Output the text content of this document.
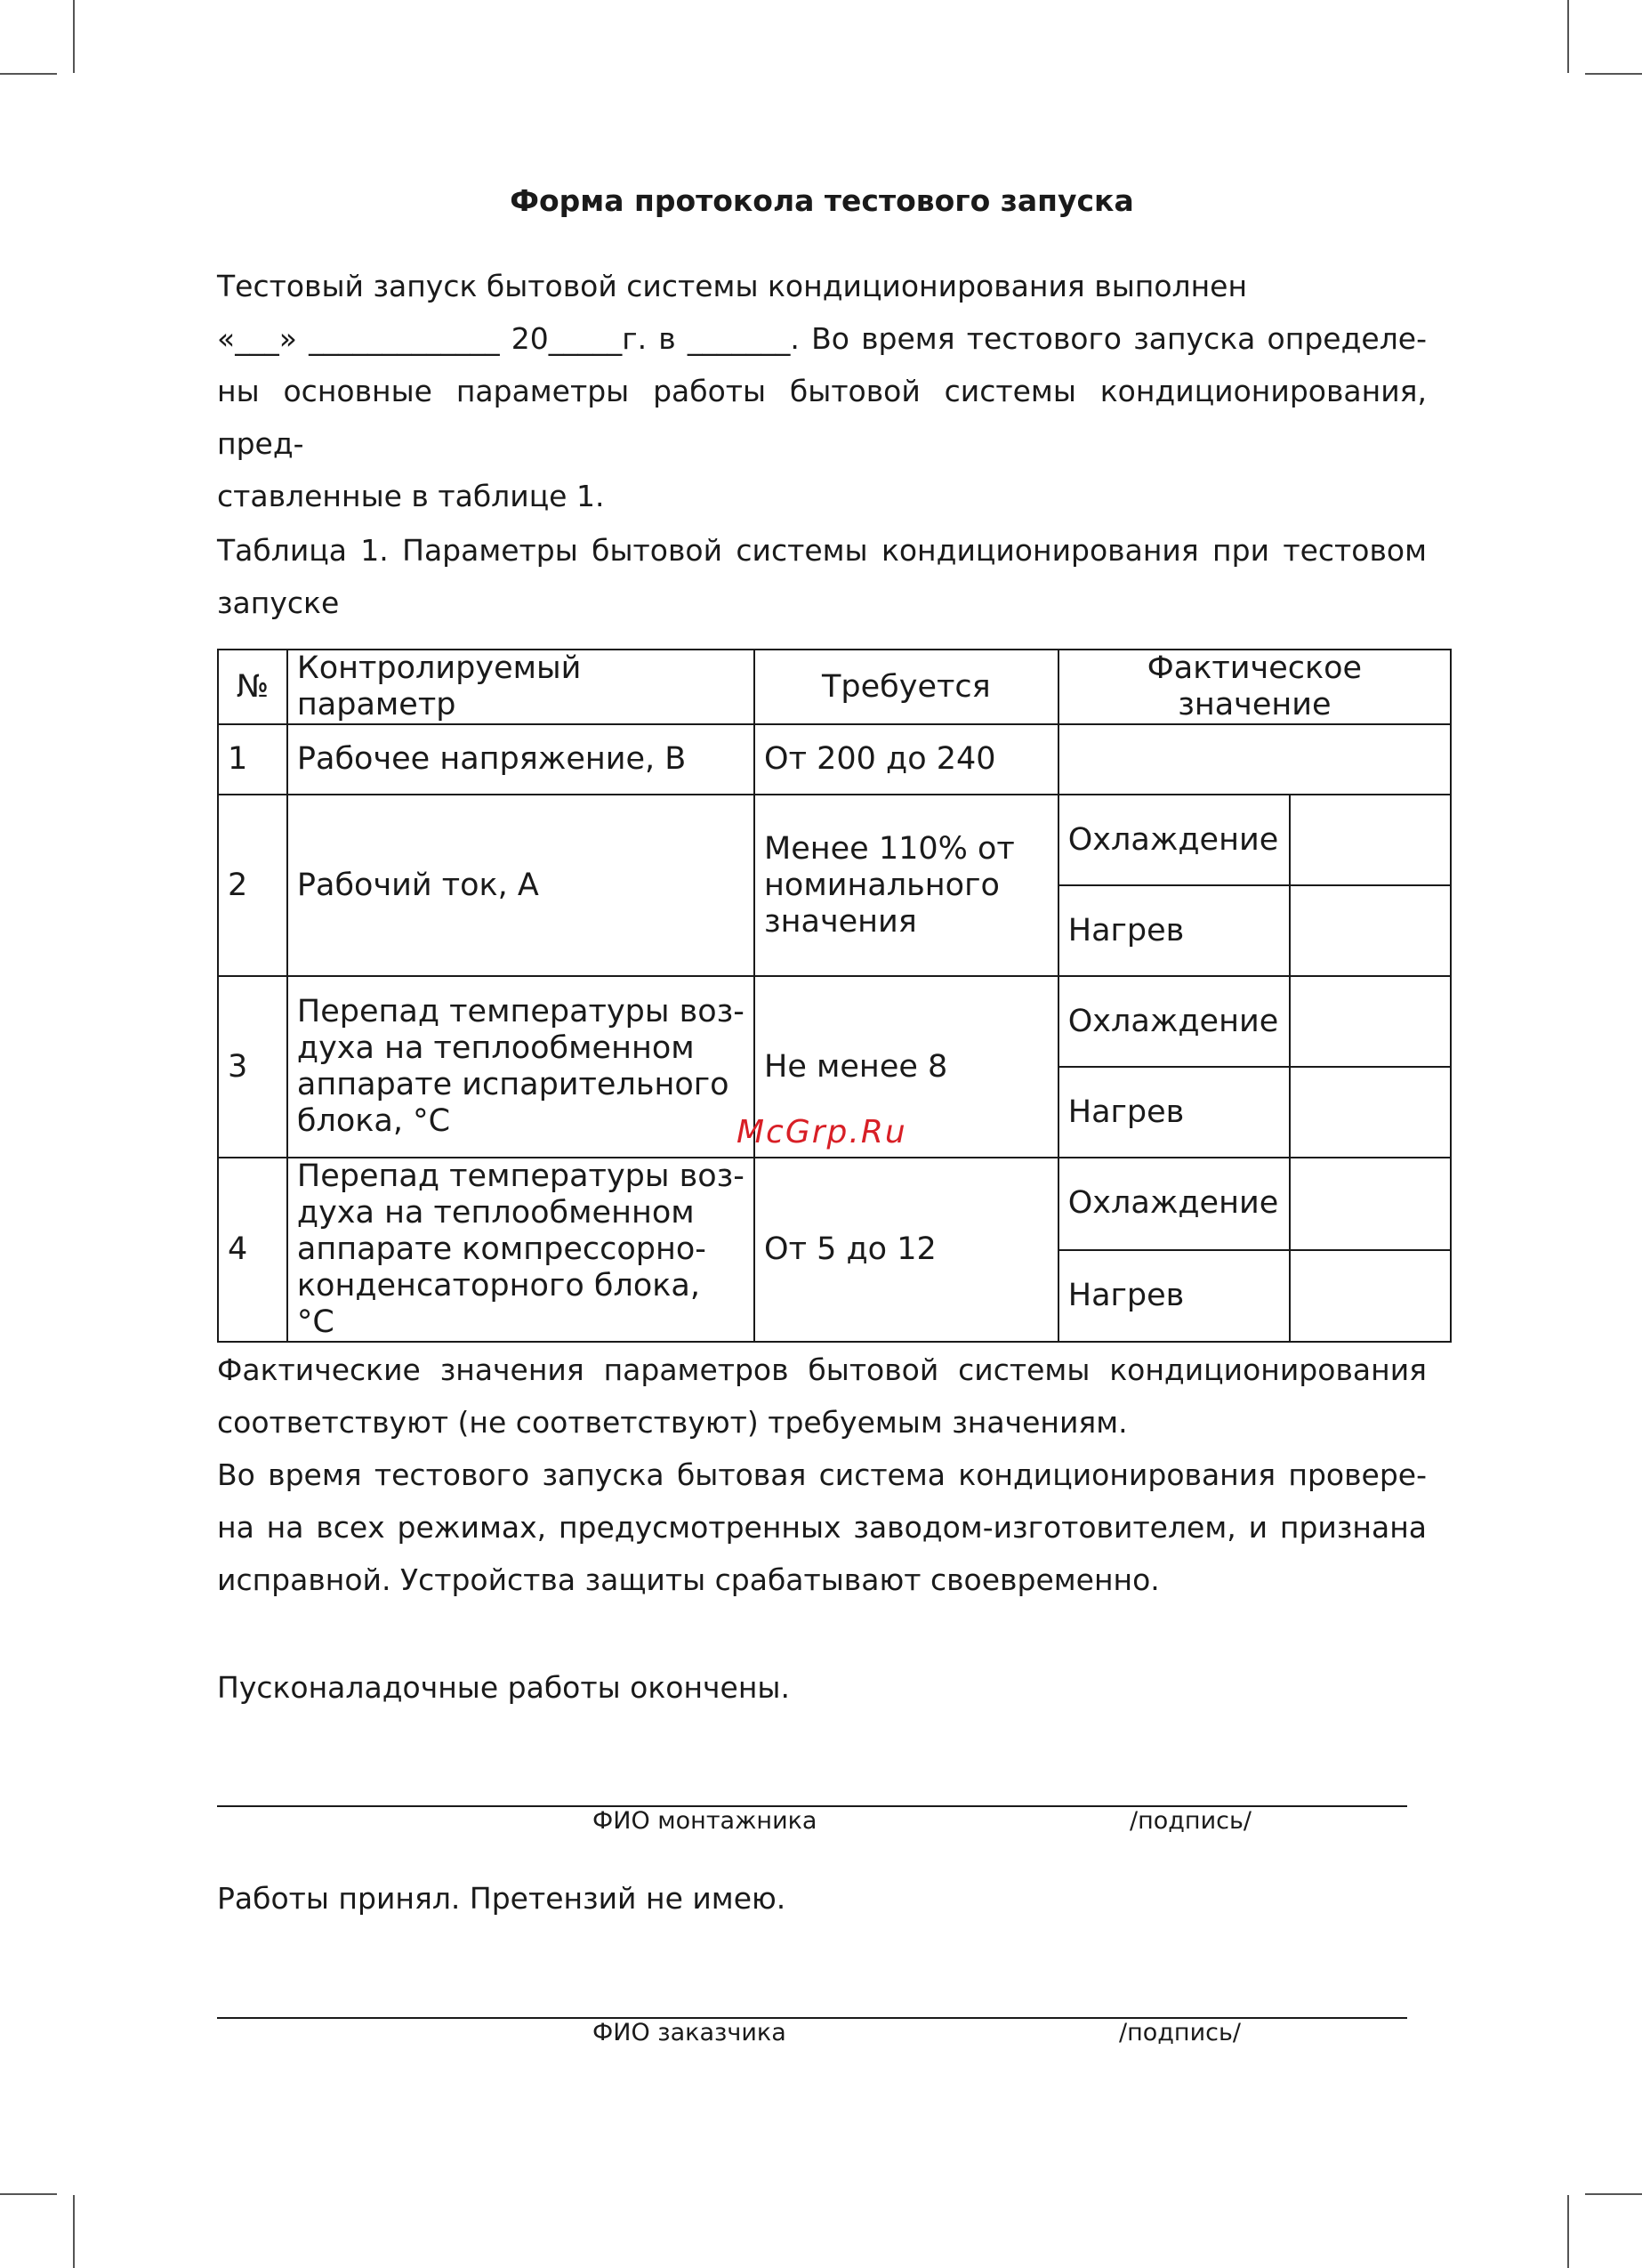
Форма протокола тестового запуска
Тестовый запуск бытовой системы кондиционирования выполнен
«___» _____________ 20_____г. в _______. Во время тестового запуска определе-
ны основные параметры работы бытовой системы кондиционирования, пред-
ставленные в таблице 1.
Таблица 1. Параметры бытовой системы кондиционирования при тестовом
запуске
№	Контролируемый параметр	Требуется	Фактическое значение	
1	Рабочее напряжение, В	От 200 до 240		
2	Рабочий ток, А	Менее 110% от номинального значения	Охлаждение	
			Нагрев	
3	Перепад температуры воз-духа на теплообменном аппарате испарительного блока, °С	Не менее 8	Охлаждение	
			Нагрев	
4	Перепад температуры воз-духа на теплообменном аппарате компрессорно-конденсаторного блока, °С	От 5 до 12	Охлаждение	
			Нагрев	
Фактические значения параметров бытовой системы кондиционирования
соответствуют (не соответствуют) требуемым значениям.
Во время тестового запуска бытовая система кондиционирования провере-
на на всех режимах, предусмотренных заводом-изготовителем, и признана
исправной. Устройства защиты срабатывают своевременно.
Пусконаладочные работы окончены.
ФИО монтажника	/подпись/
Работы принял. Претензий не имею.
ФИО заказчика	/подпись/
McGrp.Ru
